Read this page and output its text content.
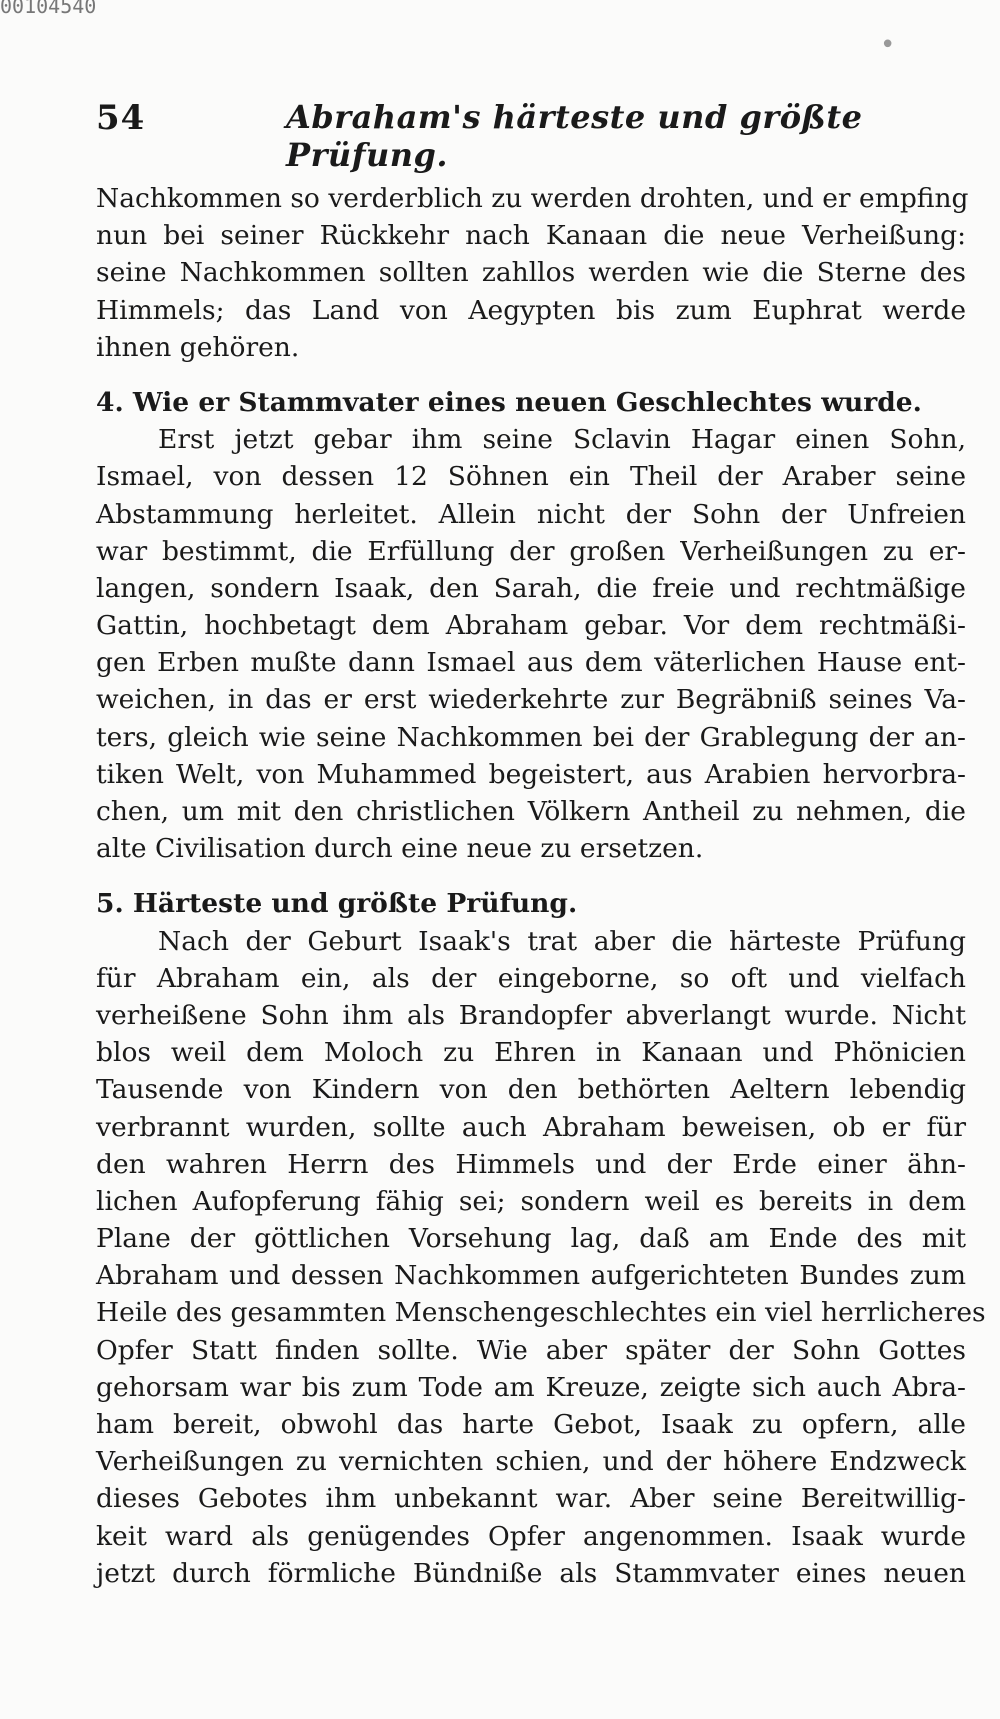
00104540
•
54	Abraham's härteste und größte Prüfung.
Nachkommen so verderblich zu werden drohten, und er empfing
nun bei seiner Rückkehr nach Kanaan die neue Verheißung:
seine Nachkommen sollten zahllos werden wie die Sterne des
Himmels; das Land von Aegypten bis zum Euphrat werde
ihnen gehören.
4. Wie er Stammvater eines neuen Geschlechtes wurde.
Erst jetzt gebar ihm seine Sclavin Hagar einen Sohn,
Ismael, von dessen 12 Söhnen ein Theil der Araber seine
Abstammung herleitet. Allein nicht der Sohn der Unfreien
war bestimmt, die Erfüllung der großen Verheißungen zu er-
langen, sondern Isaak, den Sarah, die freie und rechtmäßige
Gattin, hochbetagt dem Abraham gebar. Vor dem rechtmäßi-
gen Erben mußte dann Ismael aus dem väterlichen Hause ent-
weichen, in das er erst wiederkehrte zur Begräbniß seines Va-
ters, gleich wie seine Nachkommen bei der Grablegung der an-
tiken Welt, von Muhammed begeistert, aus Arabien hervorbra-
chen, um mit den christlichen Völkern Antheil zu nehmen, die
alte Civilisation durch eine neue zu ersetzen.
5. Härteste und größte Prüfung.
Nach der Geburt Isaak's trat aber die härteste Prüfung
für Abraham ein, als der eingeborne, so oft und vielfach
verheißene Sohn ihm als Brandopfer abverlangt wurde. Nicht
blos weil dem Moloch zu Ehren in Kanaan und Phönicien
Tausende von Kindern von den bethörten Aeltern lebendig
verbrannt wurden, sollte auch Abraham beweisen, ob er für
den wahren Herrn des Himmels und der Erde einer ähn-
lichen Aufopferung fähig sei; sondern weil es bereits in dem
Plane der göttlichen Vorsehung lag, daß am Ende des mit
Abraham und dessen Nachkommen aufgerichteten Bundes zum
Heile des gesammten Menschengeschlechtes ein viel herrlicheres
Opfer Statt finden sollte. Wie aber später der Sohn Gottes
gehorsam war bis zum Tode am Kreuze, zeigte sich auch Abra-
ham bereit, obwohl das harte Gebot, Isaak zu opfern, alle
Verheißungen zu vernichten schien, und der höhere Endzweck
dieses Gebotes ihm unbekannt war. Aber seine Bereitwillig-
keit ward als genügendes Opfer angenommen. Isaak wurde
jetzt durch förmliche Bündniße als Stammvater eines neuen
